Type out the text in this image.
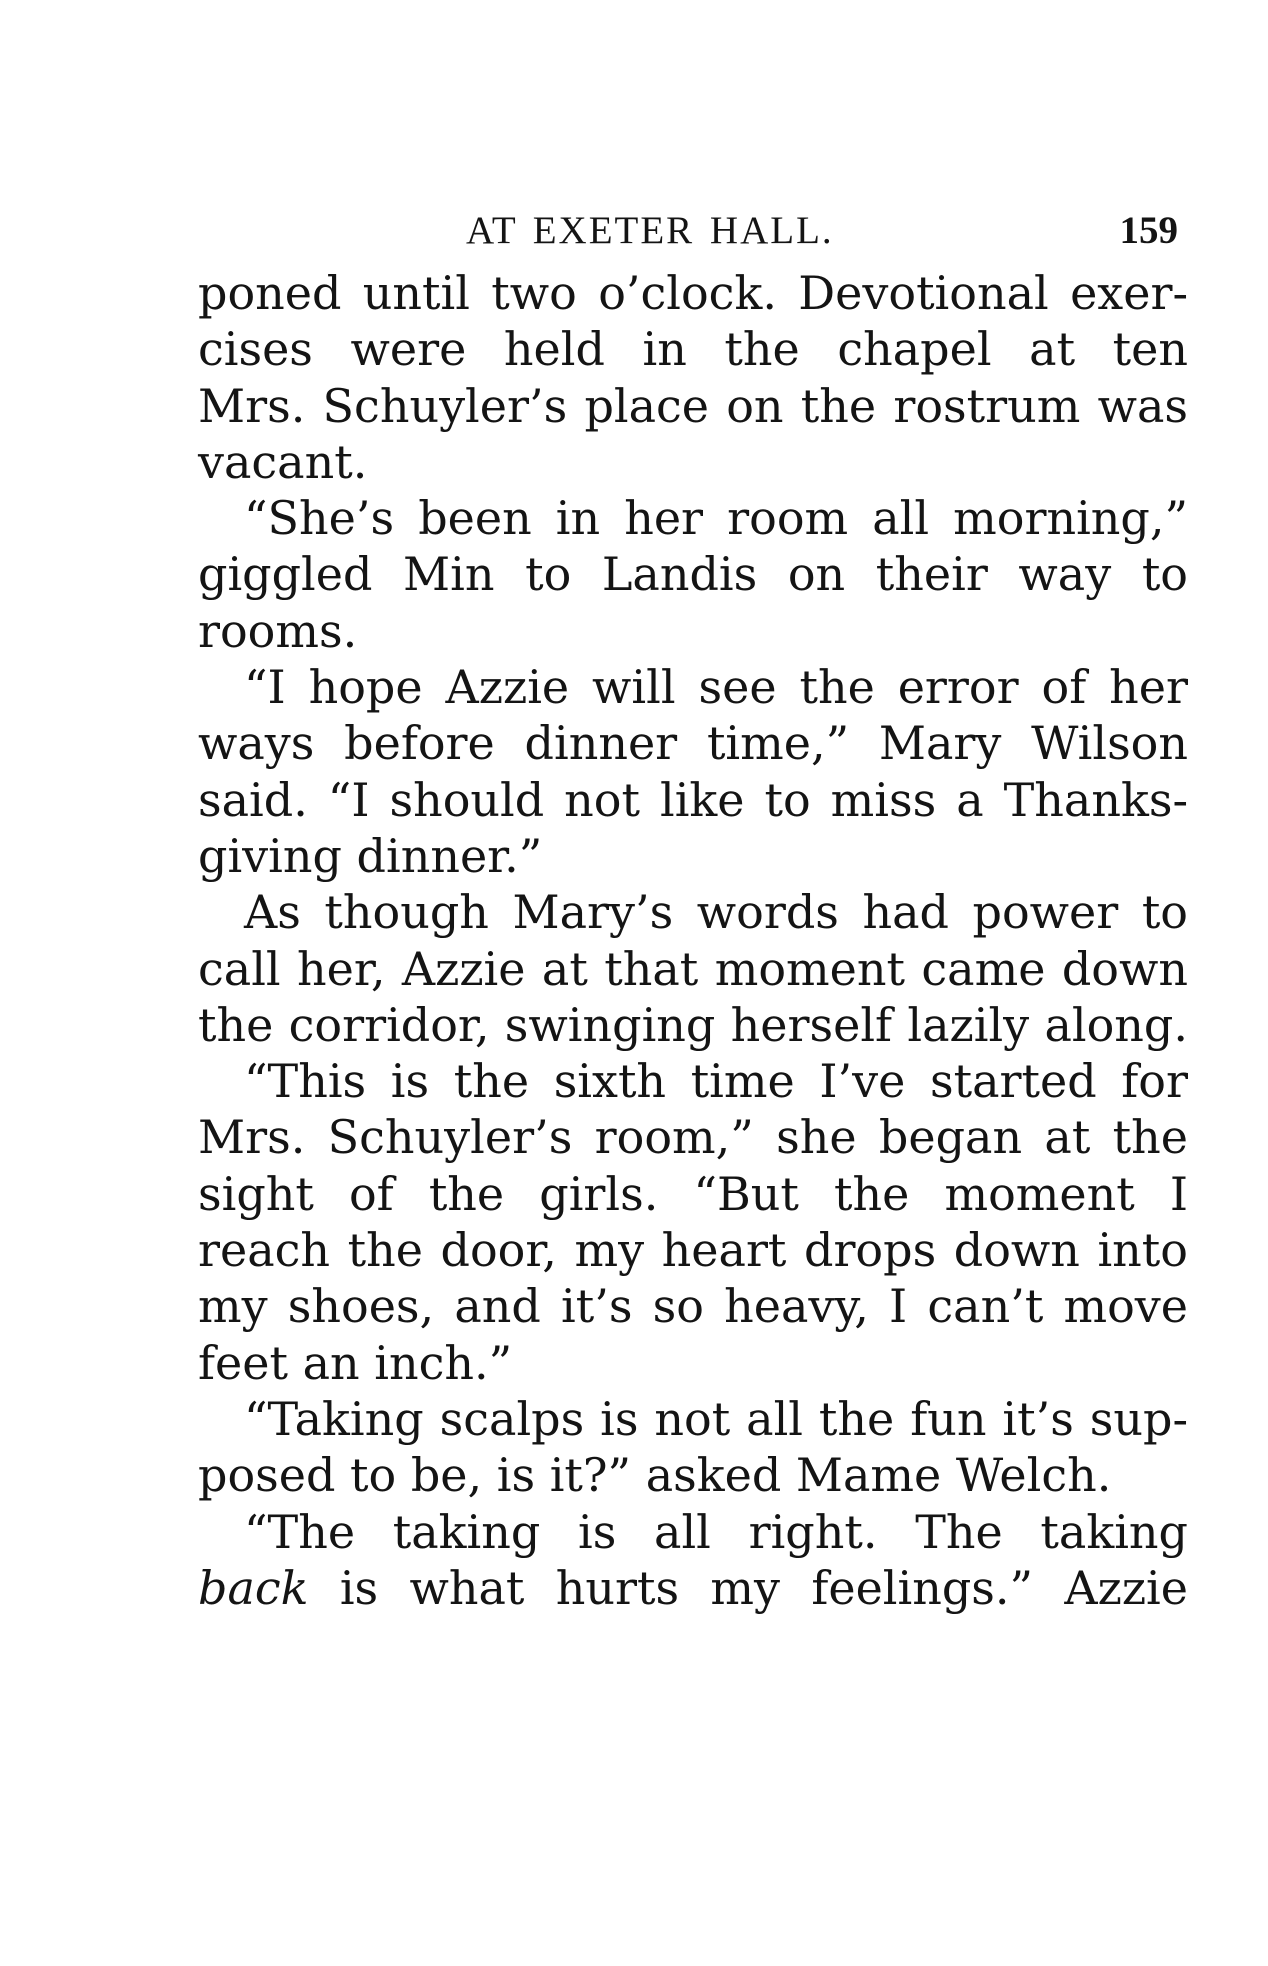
AT EXETER HALL.	159
poned until two o’clock. Devotional exer-
cises were held in the chapel at ten
Mrs. Schuyler’s place on the rostrum was
vacant.
“She’s been in her room all morning,”
giggled Min to Landis on their way to
rooms.
“I hope Azzie will see the error of her
ways before dinner time,” Mary Wilson
said. “I should not like to miss a Thanks-
giving dinner.”
As though Mary’s words had power to
call her, Azzie at that moment came down
the corridor, swinging herself lazily along.
“This is the sixth time I’ve started for
Mrs. Schuyler’s room,” she began at the
sight of the girls. “But the moment I
reach the door, my heart drops down into
my shoes, and it’s so heavy, I can’t move
feet an inch.”
“Taking scalps is not all the fun it’s sup-
posed to be, is it?” asked Mame Welch.
“The taking is all right. The taking
back is what hurts my feelings.” Azzie
